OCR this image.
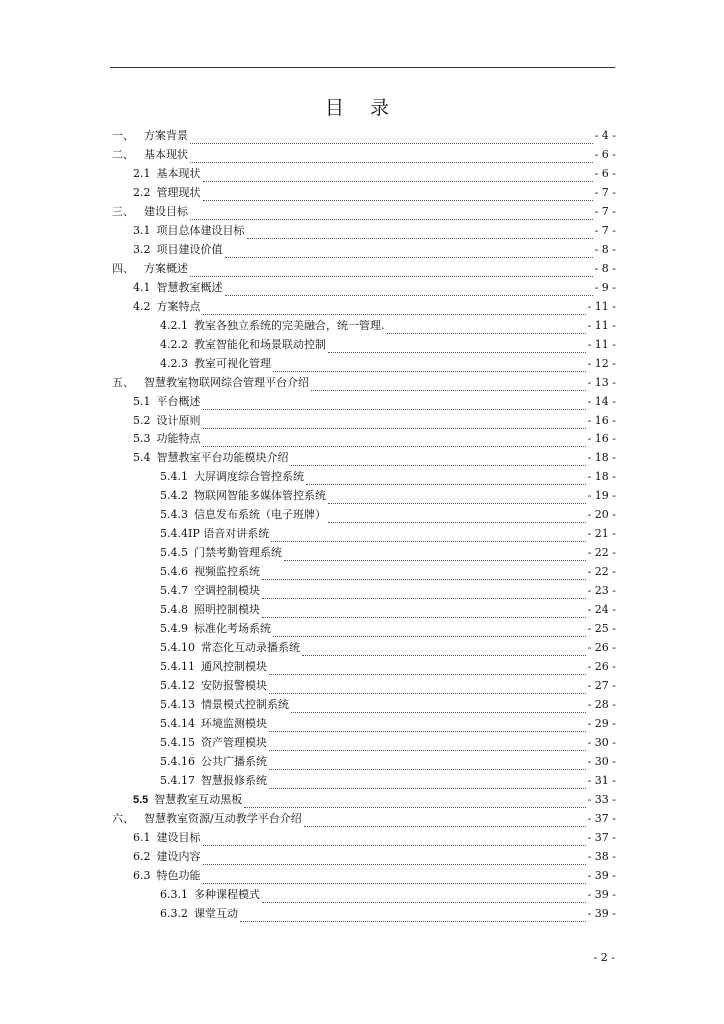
目 录
一、 方案背景	- 4 -
二、 基本现状	- 6 -
2.1 基本现状	- 6 -
2.2 管理现状	- 7 -
三、 建设目标	- 7 -
3.1 项目总体建设目标	- 7 -
3.2 项目建设价值	- 8 -
四、 方案概述	- 8 -
4.1 智慧教室概述	- 9 -
4.2 方案特点	- 11 -
4.2.1 教室各独立系统的完美融合，统一管理.	- 11 -
4.2.2 教室智能化和场景联动控制	- 11 -
4.2.3 教室可视化管理	- 12 -
五、 智慧教室物联网综合管理平台介绍	- 13 -
5.1 平台概述	- 14 -
5.2 设计原则	- 16 -
5.3 功能特点	- 16 -
5.4 智慧教室平台功能模块介绍	- 18 -
5.4.1 大屏调度综合管控系统	- 18 -
5.4.2 物联网智能多媒体管控系统	- 19 -
5.4.3 信息发布系统（电子班牌）	- 20 -
5.4.4 IP 语音对讲系统	- 21 -
5.4.5 门禁考勤管理系统	- 22 -
5.4.6 视频监控系统	- 22 -
5.4.7 空调控制模块	- 23 -
5.4.8 照明控制模块	- 24 -
5.4.9 标准化考场系统	- 25 -
5.4.10 常态化互动录播系统	- 26 -
5.4.11 通风控制模块	- 26 -
5.4.12 安防报警模块	- 27 -
5.4.13 情景模式控制系统	- 28 -
5.4.14 环境监测模块	- 29 -
5.4.15 资产管理模块	- 30 -
5.4.16 公共广播系统	- 30 -
5.4.17 智慧报修系统	- 31 -
5.5 智慧教室互动黑板	- 33 -
六、 智慧教室资源/互动教学平台介绍	- 37 -
6.1 建设目标	- 37 -
6.2 建设内容	- 38 -
6.3 特色功能	- 39 -
6.3.1 多种课程模式	- 39 -
6.3.2 课堂互动	- 39 -
- 2 -
